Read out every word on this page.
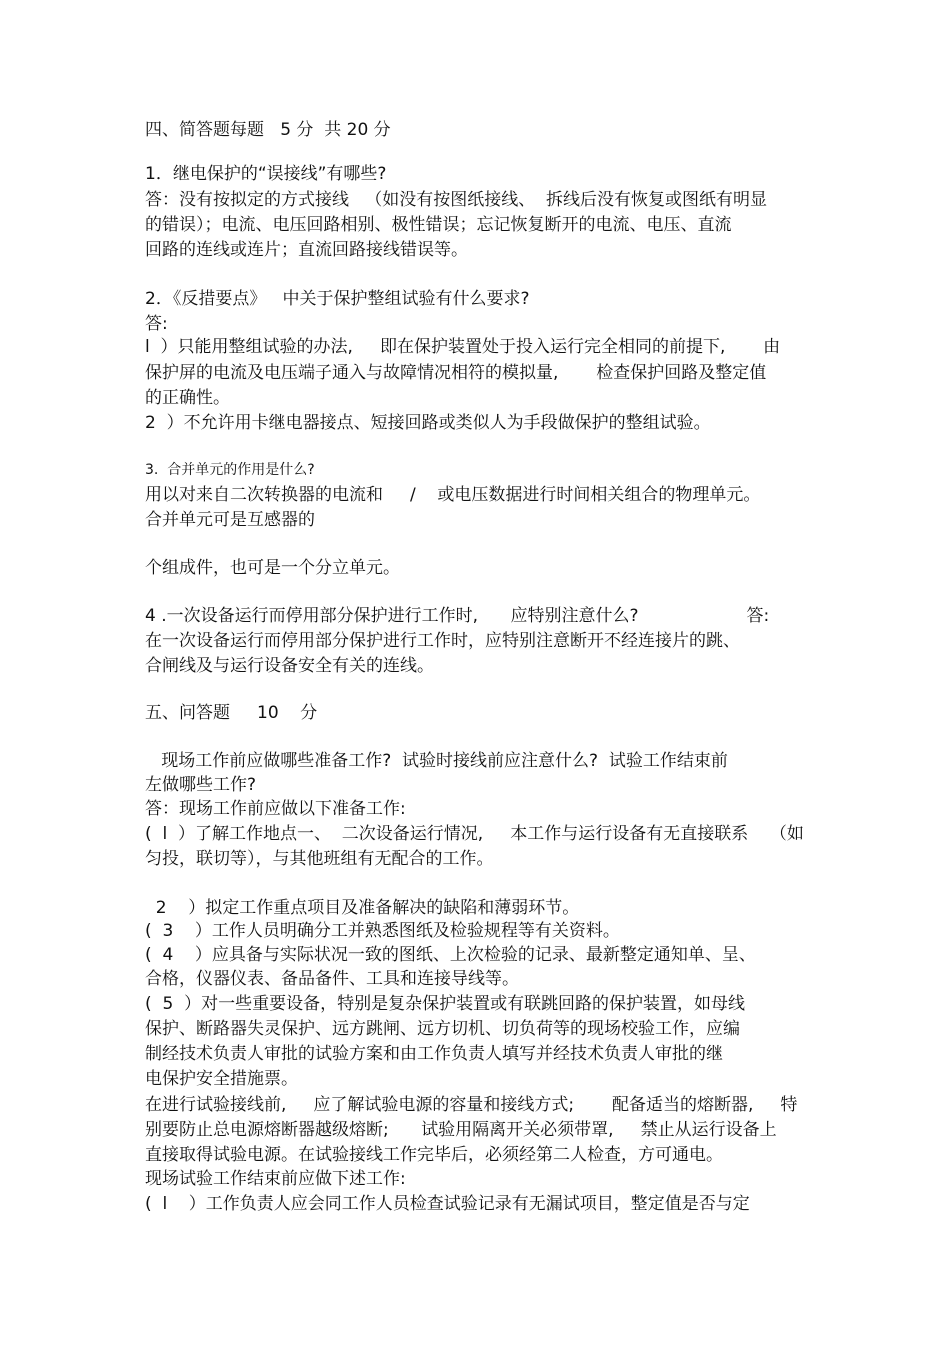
四、简答题每题   5 分  共 20 分
1．继电保护的“误接线”有哪些?
答：没有按拟定的方式接线   （如没有按图纸接线、  拆线后没有恢复或图纸有明显
的错误）；电流、电压回路相别、极性错误；忘记恢复断开的电流、电压、直流
回路的连线或连片；直流回路接线错误等。
2．《反措要点》   中关于保护整组试验有什么要求?
答:
l  ）只能用整组试验的办法,     即在保护装置处于投入运行完全相同的前提下,       由
保护屏的电流及电压端子通入与故障情况相符的模拟量,       检查保护回路及整定值
的正确性。
2  ）不允许用卡继电器接点、短接回路或类似人为手段做保护的整组试验。
3.  合并单元的作用是什么?
用以对来自二次转换器的电流和     /    或电压数据进行时间相关组合的物理单元。
合并单元可是互感器的
个组成件，也可是一个分立单元。
4 .一次设备运行而停用部分保护进行工作时,      应特别注意什么?                    答:
在一次设备运行而停用部分保护进行工作时，应特别注意断开不经连接片的跳、
合闸线及与运行设备安全有关的连线。
五、问答题     10    分
现场工作前应做哪些准备工作?  试验时接线前应注意什么?  试验工作结束前
左做哪些工作?
答：现场工作前应做以下准备工作:
(  l  ）了解工作地点一、  二次设备运行情况,     本工作与运行设备有无直接联系    （如
匀投，联切等），与其他班组有无配合的工作。
2    ）拟定工作重点项目及准备解决的缺陷和薄弱环节。
(  3    ）工作人员明确分工并熟悉图纸及检验规程等有关资料。
(  4    ）应具备与实际状况一致的图纸、上次检验的记录、最新整定通知单、呈、
合格，仪器仪表、备品备件、工具和连接导线等。
(  5  ）对一些重要设备，特别是复杂保护装置或有联跳回路的保护装置，如母线
保护、断路器失灵保护、远方跳闸、远方切机、切负荷等的现场校验工作，应编
制经技术负责人审批的试验方案和由工作负责人填写并经技术负责人审批的继
电保护安全措施票。
在进行试验接线前,     应了解试验电源的容量和接线方式;       配备适当的熔断器,     特
别要防止总电源熔断器越级熔断;      试验用隔离开关必须带罩,     禁止从运行设备上
直接取得试验电源。在试验接线工作完毕后，必须经第二人检查，方可通电。
现场试验工作结束前应做下述工作:
(  l    ）工作负责人应会同工作人员检查试验记录有无漏试项目，整定值是否与定
